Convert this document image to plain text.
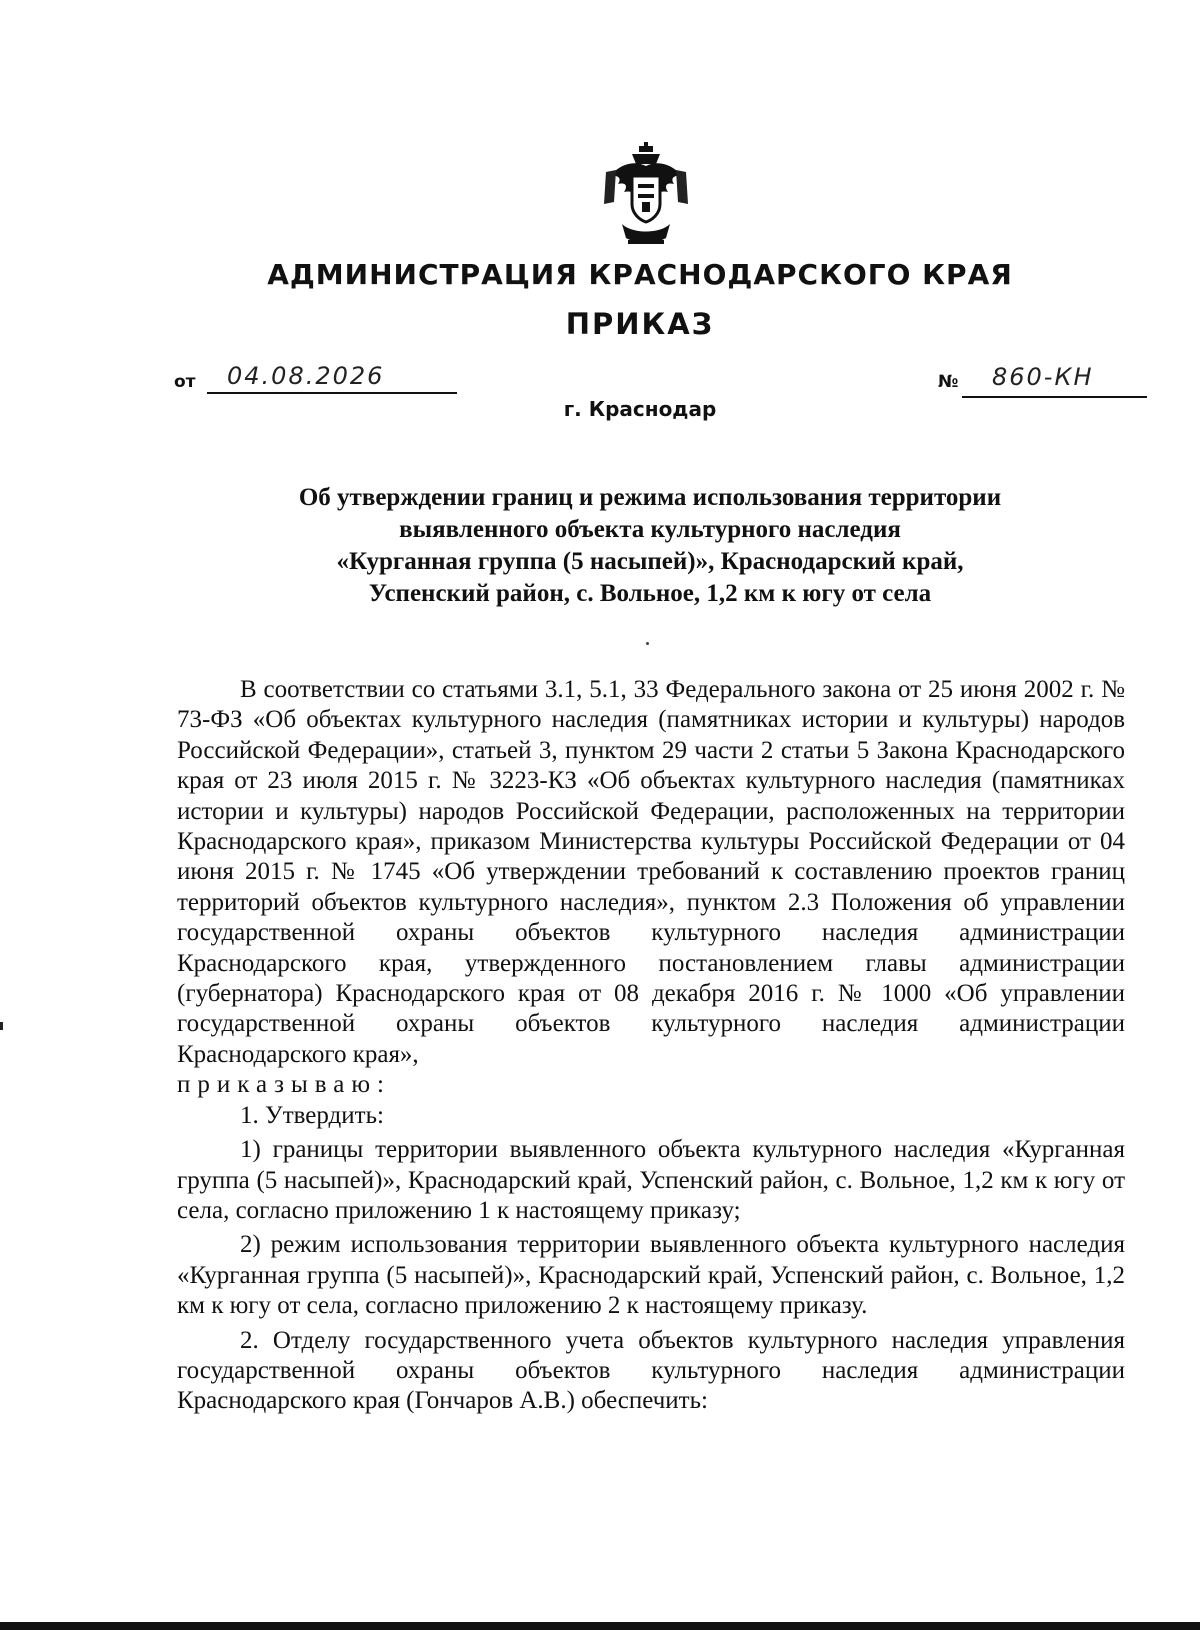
АДМИНИСТРАЦИЯ КРАСНОДАРСКОГО КРАЯ
ПРИКАЗ
от	04.08.2026	№	860-КН
г. Краснодар
Об утверждении границ и режима использования территории
выявленного объекта культурного наследия
«Курганная группа (5 насыпей)», Краснодарский край,
Успенский район, с. Вольное, 1,2 км к югу от села

В соответствии со статьями 3.1, 5.1, 33 Федерального закона от 25 июня 2002 г. № 73-ФЗ «Об объектах культурного наследия (памятниках истории и культуры) народов Российской Федерации», статьей 3, пунктом 29 части 2 статьи 5 Закона Краснодарского края от 23 июля 2015 г. № 3223-КЗ «Об объектах культурного наследия (памятниках истории и культуры) народов Российской Федерации, расположенных на территории Краснодарского края», приказом Министерства культуры Российской Федерации от 04 июня 2015 г. № 1745 «Об утверждении требований к составлению проектов границ территорий объектов культурного наследия», пунктом 2.3 Положения об управлении государственной охраны объектов культурного наследия администрации Краснодарского края, утвержденного постановлением главы администрации (губернатора) Краснодарского края от 08 декабря 2016 г. № 1000 «Об управлении государственной охраны объектов культурного наследия администрации Краснодарского края»,

приказываю:

1. Утвердить:

1) границы территории выявленного объекта культурного наследия «Курганная группа (5 насыпей)», Краснодарский край, Успенский район, с. Вольное, 1,2 км к югу от села, согласно приложению 1 к настоящему приказу;

2) режим использования территории выявленного объекта культурного наследия «Курганная группа (5 насыпей)», Краснодарский край, Успенский район, с. Вольное, 1,2 км к югу от села, согласно приложению 2 к настоящему приказу.

2. Отделу государственного учета объектов культурного наследия управления государственной охраны объектов культурного наследия администрации Краснодарского края (Гончаров А.В.) обеспечить:
